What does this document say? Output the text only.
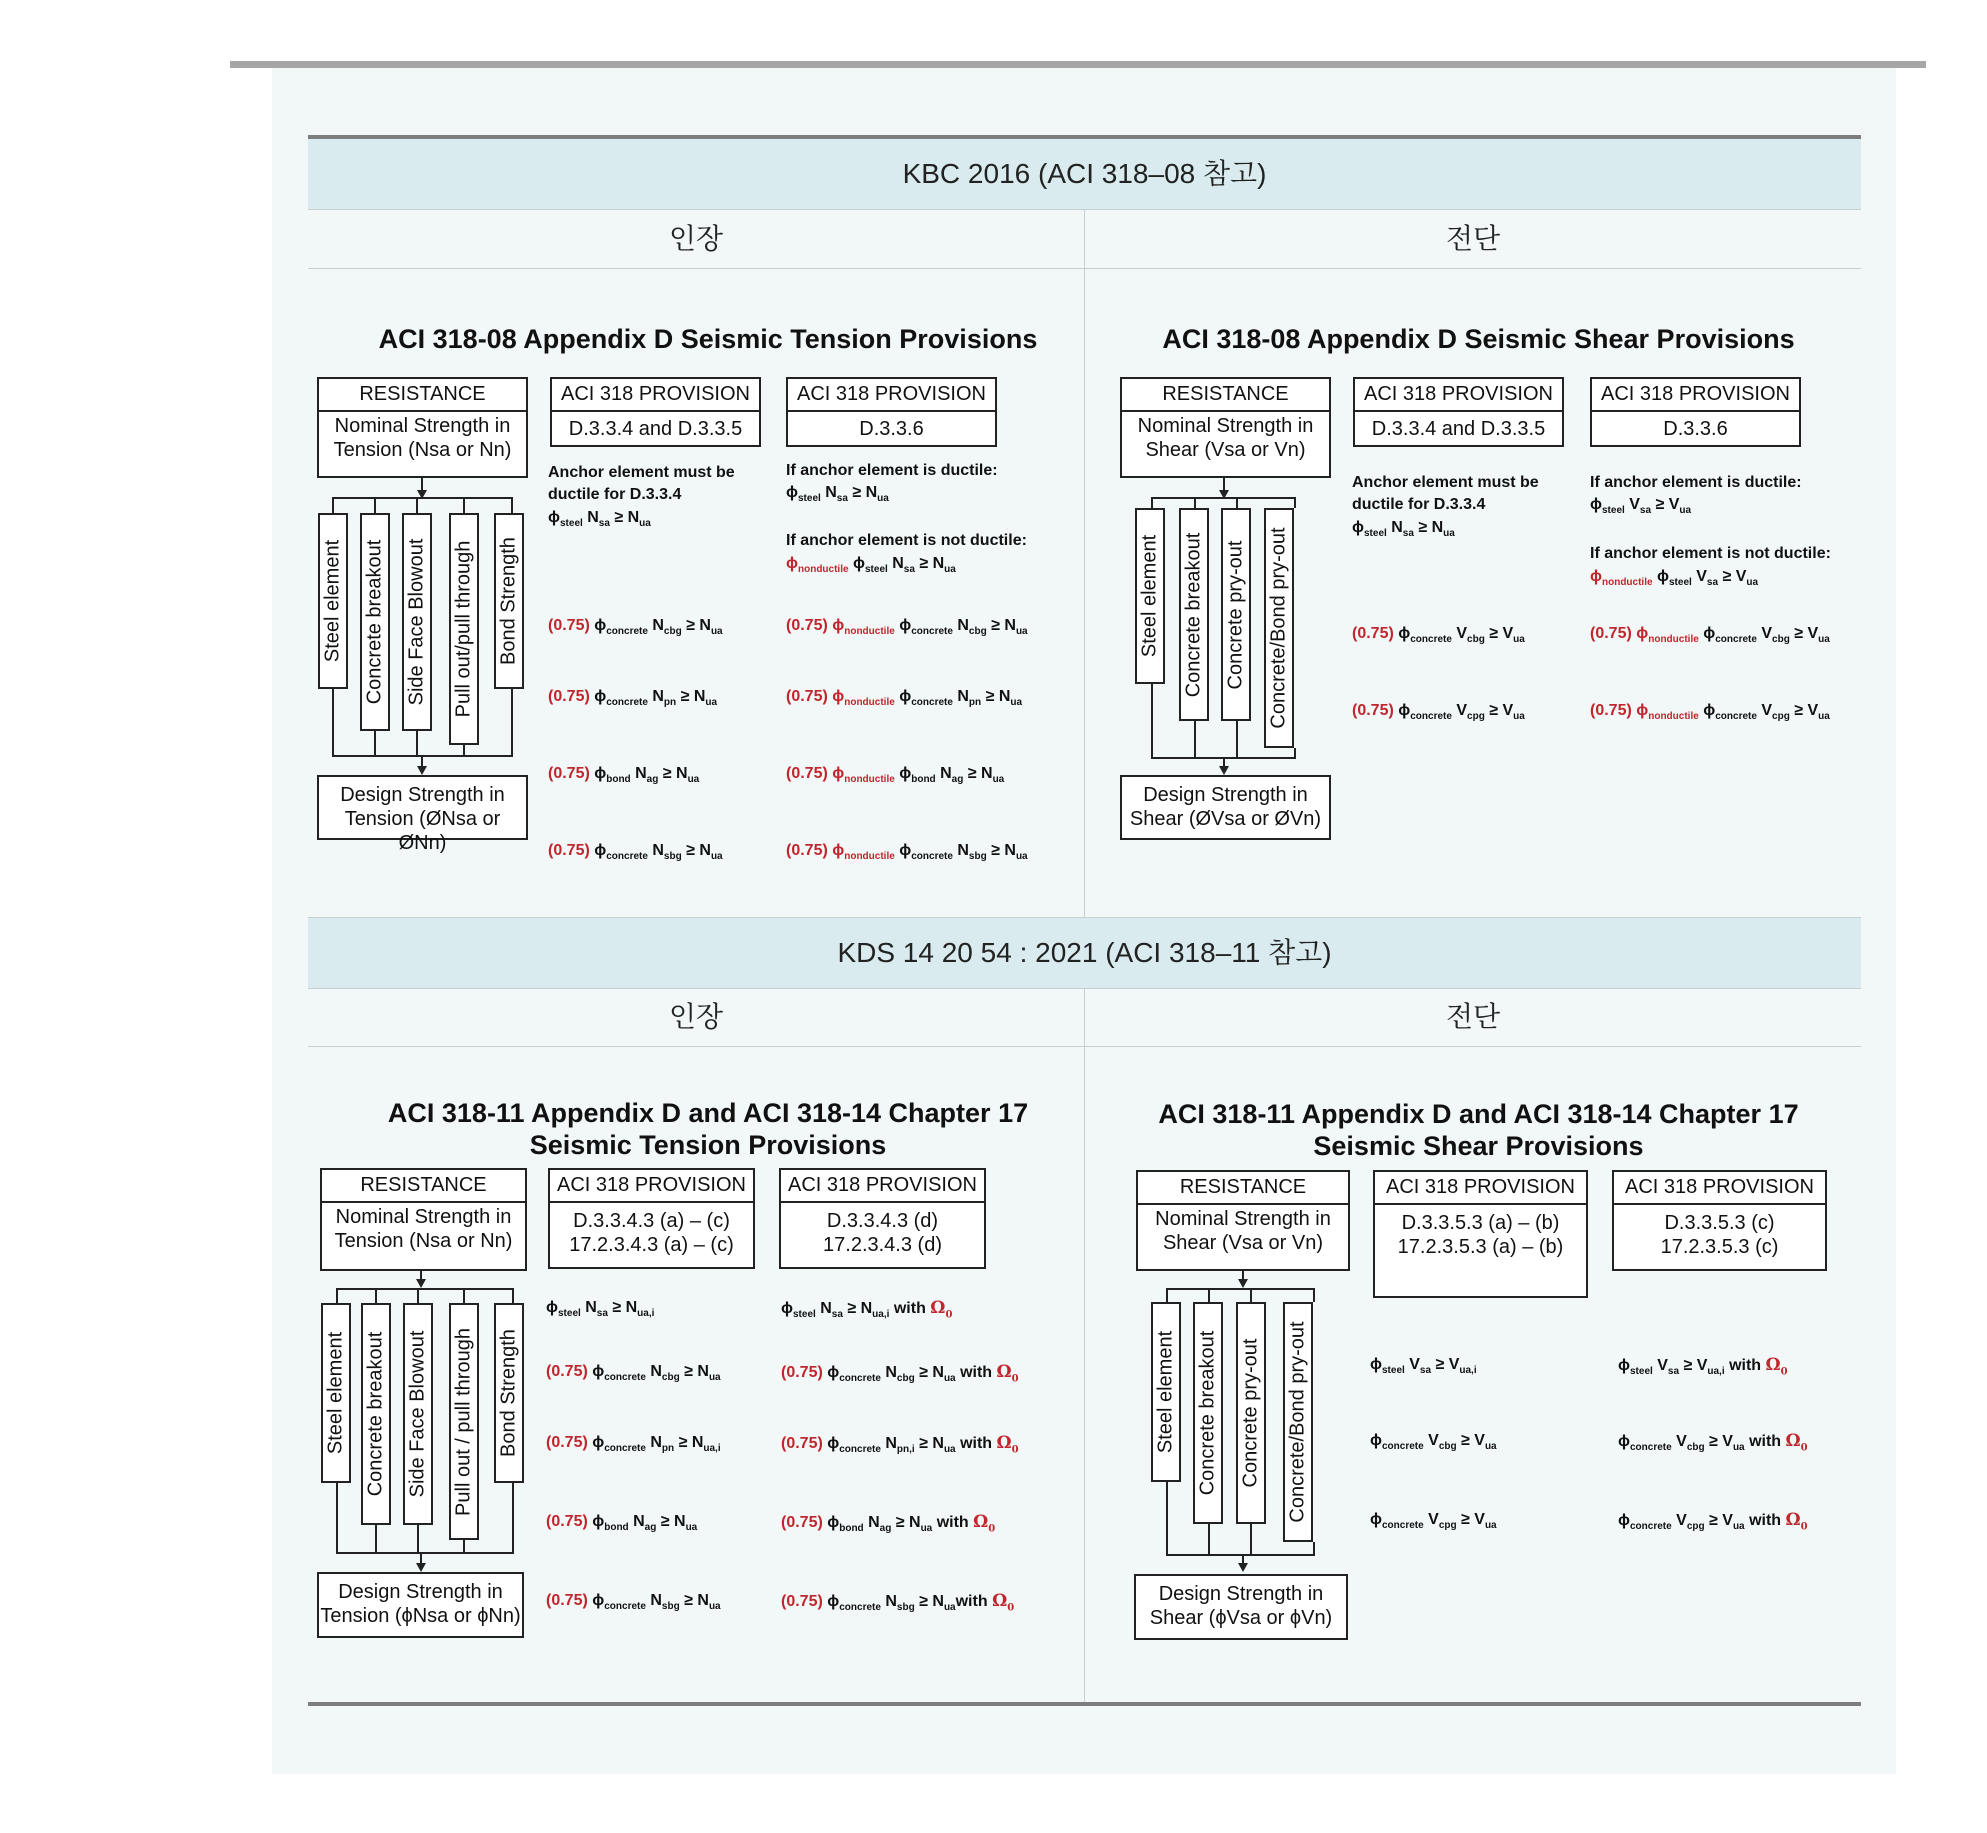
KBC 2016 (ACI 318–08 참고)
인장	전단
KDS 14 20 54 : 2021 (ACI 318–11 참고)
인장	전단
ACI 318-08 Appendix D Seismic Tension Provisions
RESISTANCE
Nominal Strength in
Tension (Nsa or Nn)
Steel element Concrete breakout Side Face Blowout Pull out/pull through Bond Strength
Design Strength in
Tension (ØNsa or ØNn)
ACI 318 PROVISION
D.3.3.4 and D.3.3.5
ACI 318 PROVISION
D.3.3.6
Anchor element must be ductile for D.3.3.4
$\phi_{steel}$ $N_{sa} \ge N_{ua}$
If anchor element is ductile:
$\phi_{steel}$ $N_{sa} \ge N_{ua}$
If anchor element is not ductile:
$\phi_{nonductile}$ $\phi_{steel}$ $N_{sa} \ge N_{ua}$
(0.75) $\phi_{concrete}$ $N_{cbg} \ge N_{ua}$
(0.75) $\phi_{concrete}$ $N_{pn} \ge N_{ua}$
(0.75) $\phi_{bond}$ $N_{ag} \ge N_{ua}$
(0.75) $\phi_{concrete}$ $N_{sbg} \ge N_{ua}$
(0.75) $\phi_{nonductile}$ $\phi_{concrete}$ $N_{cbg} \ge N_{ua}$
(0.75) $\phi_{nonductile}$ $\phi_{concrete}$ $N_{pn} \ge N_{ua}$
(0.75) $\phi_{nonductile}$ $\phi_{bond}$ $N_{ag} \ge N_{ua}$
(0.75) $\phi_{nonductile}$ $\phi_{concrete}$ $N_{sbg} \ge N_{ua}$
ACI 318-08 Appendix D Seismic Shear Provisions
RESISTANCE
Nominal Strength in
Shear (Vsa or Vn)
Steel element Concrete breakout Concrete pry-out Concrete/Bond pry-out
Design Strength in
Shear (ØVsa or ØVn)
ACI 318 PROVISION
D.3.3.4 and D.3.3.5
ACI 318 PROVISION
D.3.3.6
Anchor element must be ductile for D.3.3.4
$\phi_{steel}$ $N_{sa} \ge N_{ua}$
If anchor element is ductile:
$\phi_{steel}$ $V_{sa} \ge V_{ua}$
If anchor element is not ductile:
$\phi_{nonductile}$ $\phi_{steel}$ $V_{sa} \ge V_{ua}$
(0.75) $\phi_{concrete}$ $V_{cbg} \ge V_{ua}$
(0.75) $\phi_{concrete}$ $V_{cpg} \ge V_{ua}$
(0.75) $\phi_{nonductile}$ $\phi_{concrete}$ $V_{cbg} \ge V_{ua}$
(0.75) $\phi_{nonductile}$ $\phi_{concrete}$ $V_{cpg} \ge V_{ua}$
ACI 318-11 Appendix D and ACI 318-14 Chapter 17
Seismic Tension Provisions
RESISTANCE
Nominal Strength in
Tension (Nsa or Nn)
Steel element Concrete breakout Side Face Blowout Pull out / pull through Bond Strength
Design Strength in
Tension (ϕNsa or ϕNn)
ACI 318 PROVISION
D.3.3.4.3 (a) – (c)
17.2.3.4.3 (a) – (c)
ACI 318 PROVISION
D.3.3.4.3 (d)
17.2.3.4.3 (d)
$\phi_{steel}$ $N_{sa} \ge N_{ua,i}$
(0.75) $\phi_{concrete}$ $N_{cbg} \ge N_{ua}$
(0.75) $\phi_{concrete}$ $N_{pn} \ge N_{ua,i}$
(0.75) $\phi_{bond}$ $N_{ag} \ge N_{ua}$
(0.75) $\phi_{concrete}$ $N_{sbg} \ge N_{ua}$
$\phi_{steel}$ $N_{sa} \ge N_{ua,i}$ with $\Omega_0$
(0.75) $\phi_{concrete}$ $N_{cbg} \ge N_{ua}$ with $\Omega_0$
(0.75) $\phi_{concrete}$ $N_{pn,i} \ge N_{ua}$ with $\Omega_0$
(0.75) $\phi_{bond}$ $N_{ag} \ge N_{ua}$ with $\Omega_0$
(0.75) $\phi_{concrete}$ $N_{sbg}$ ≥ $N_{ua}with$ $\Omega_0$
ACI 318-11 Appendix D and ACI 318-14 Chapter 17
Seismic Shear Provisions
RESISTANCE
Nominal Strength in
Shear (Vsa or Vn)
Steel element Concrete breakout Concrete pry-out Concrete/Bond pry-out
Design Strength in
Shear (ϕVsa or ϕVn)
ACI 318 PROVISION
D.3.3.5.3 (a) – (b)
17.2.3.5.3 (a) – (b)
ACI 318 PROVISION
D.3.3.5.3 (c)
17.2.3.5.3 (c)
$\phi_{steel}$ $V_{sa} \ge V_{ua,i}$
$\phi_{concrete}$ $V_{cbg} \ge V_{ua}$
$\phi_{concrete}$ $V_{cpg} \ge V_{ua}$
$\phi_{steel}$ $V_{sa} \ge V_{ua,i}$ with $\Omega_0$
$\phi_{concrete}$ $V_{cbg} \ge V_{ua}$ with $\Omega_0$
$\phi_{concrete}$ $V_{cpg} \ge V_{ua}$ with $\Omega_0$
